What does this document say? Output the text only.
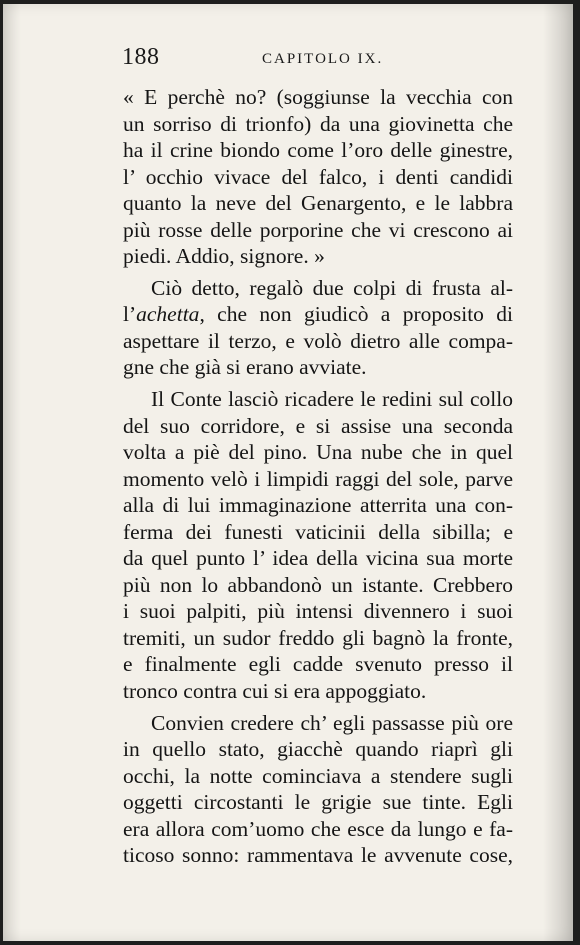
188	CAPITOLO IX.
« E perchè no? (soggiunse la vecchia con
un sorriso di trionfo) da una giovinetta che
ha il crine biondo come l’oro delle ginestre,
l’ occhio vivace del falco, i denti candidi
quanto la neve del Genargento, e le labbra
più rosse delle porporine che vi crescono ai
piedi. Addio, signore. »
Ciò detto, regalò due colpi di frusta al-
l’achetta, che non giudicò a proposito di
aspettare il terzo, e volò dietro alle compa-
gne che già si erano avviate.
Il Conte lasciò ricadere le redini sul collo
del suo corridore, e si assise una seconda
volta a piè del pino. Una nube che in quel
momento velò i limpidi raggi del sole, parve
alla di lui immaginazione atterrita una con-
ferma dei funesti vaticinii della sibilla; e
da quel punto l’ idea della vicina sua morte
più non lo abbandonò un istante. Crebbero
i suoi palpiti, più intensi divennero i suoi
tremiti, un sudor freddo gli bagnò la fronte,
e finalmente egli cadde svenuto presso il
tronco contra cui si era appoggiato.
Convien credere ch’ egli passasse più ore
in quello stato, giacchè quando riaprì gli
occhi, la notte cominciava a stendere sugli
oggetti circostanti le grigie sue tinte. Egli
era allora com’uomo che esce da lungo e fa-
ticoso sonno: rammentava le avvenute cose,
